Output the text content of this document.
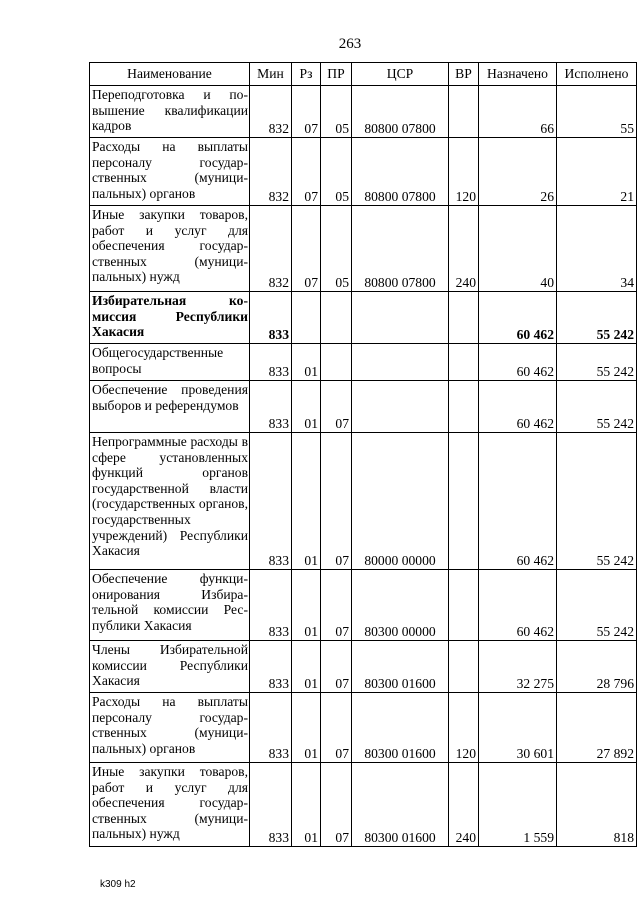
263
Наименование	Мин	Рз	ПР	ЦСР	ВР	Назначено	Исполнено
Переподготовка и повышение квалификации кадров	832	07	05	80800 07800		66	55
Расходы на выплаты персоналу государственных (муниципальных) органов	832	07	05	80800 07800	120	26	21
Иные закупки товаров, работ и услуг для обеспечения государственных (муниципальных) нужд	832	07	05	80800 07800	240	40	34
Избирательная комиссия Республики Хакасия	833					60 462	55 242
Общегосударственные вопросы	833	01				60 462	55 242
Обеспечение проведения выборов и референдумов	833	01	07			60 462	55 242
Непрограммные расходы в сфере установленных функций органов государственной власти (государственных органов, государственных учреждений) Республики Хакасия	833	01	07	80000 00000		60 462	55 242
Обеспечение функционирования Избирательной комиссии Республики Хакасия	833	01	07	80300 00000		60 462	55 242
Члены Избирательной комиссии Республики Хакасия	833	01	07	80300 01600		32 275	28 796
Расходы на выплаты персоналу государственных (муниципальных) органов	833	01	07	80300 01600	120	30 601	27 892
Иные закупки товаров, работ и услуг для обеспечения государственных (муниципальных) нужд	833	01	07	80300 01600	240	1 559	818
k309 h2
